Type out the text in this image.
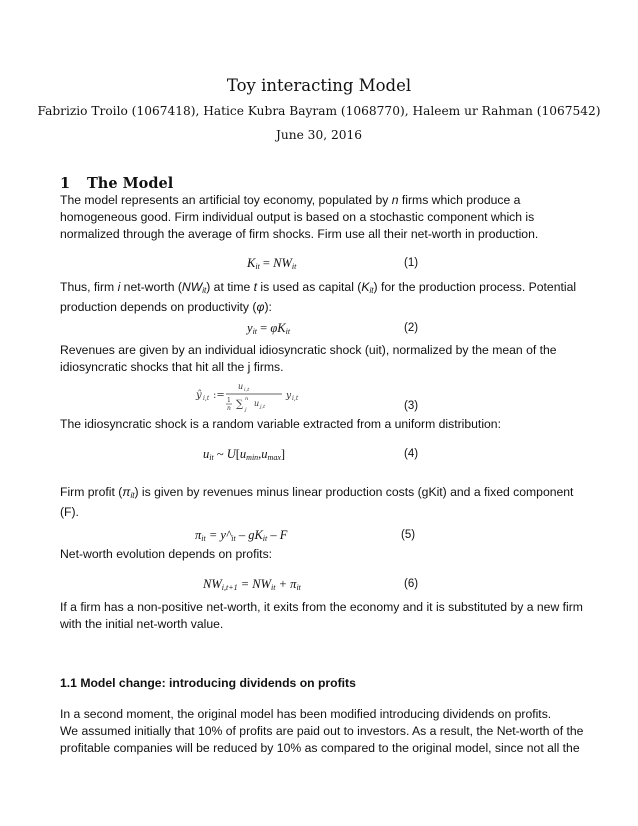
Toy interacting Model
Fabrizio Troilo (1067418), Hatice Kubra Bayram (1068770), Haleem ur Rahman (1067542)
June 30, 2016
1 The Model
The model represents an artificial toy economy, populated by n firms which produce a homogeneous good. Firm individual output is based on a stochastic component which is normalized through the average of firm shocks. Firm use all their net-worth in production.
$K_{it} = NW_{it}$	(1)
Thus, firm i net-worth $(NW_{it})$ at time t is used as capital $(K_{it})$ for the production process. Potential production depends on productivity (φ):
$y_{it} = \varphi K_{it}$	(2)
Revenues are given by an individual idiosyncratic shock (uit), normalized by the mean of the idiosyncratic shocks that hit all the j firms.
ŷ i,t :=
u i,t
1
n ∑ n
j
u j,t
y i,t
(3)
The idiosyncratic shock is a random variable extracted from a uniform distribution:
$u_{it}$ ~ $U[u_{min},u_{max}]$	(4)
Firm profit $(\pi_{it})$ is given by revenues minus linear production costs (gKit) and a fixed component (F).
$\pi_{it}$ = $y\^{}_{it} - gK_{it}$ – F	(5)
Net-worth evolution depends on profits:
$NW_{i,t+1} = NW_{it} + \pi_{it}$	(6)
If a firm has a non-positive net-worth, it exits from the economy and it is substituted by a new firm with the initial net-worth value.
1.1 Model change: introducing dividends on profits
In a second moment, the original model has been modified introducing dividends on profits.
We assumed initially that 10% of profits are paid out to investors. As a result, the Net-worth of the profitable companies will be reduced by 10% as compared to the original model, since not all the
